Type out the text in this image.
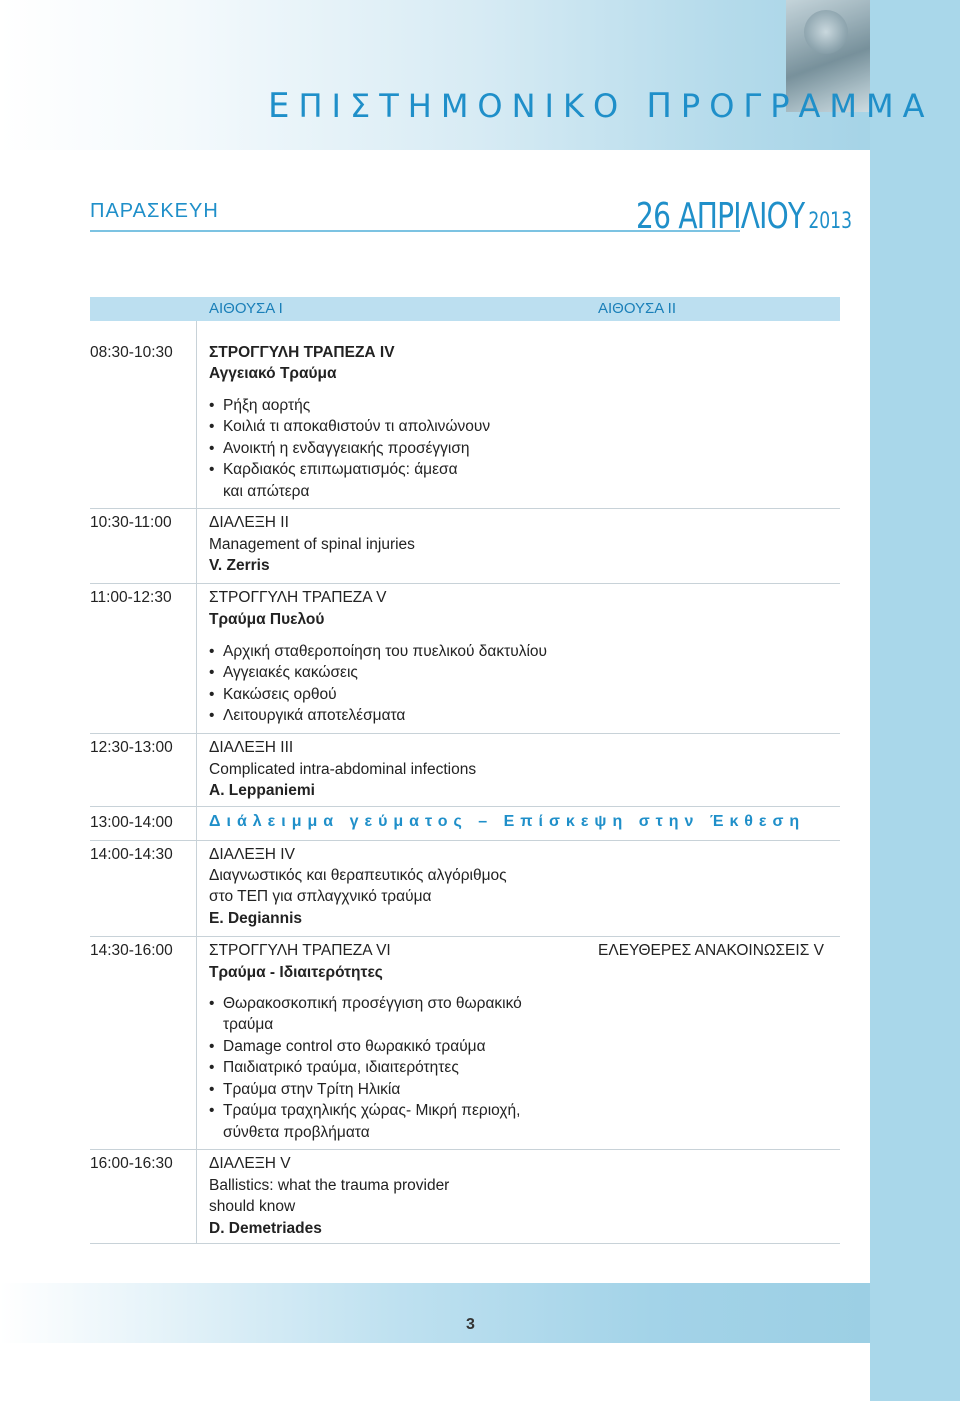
ΕΠΙΣΤΗΜΟΝΙΚΟ ΠΡΟΓΡΑΜΜΑ
ΠΑΡΑΣΚΕΥΗ	26 ΑΠΡΙΛΙΟΥ 2013
ΑΙΘΟΥΣΑ Ι	ΑΙΘΟΥΣΑ ΙΙ
08:30-10:30 ΣΤΡΟΓΓΥΛΗ ΤΡΑΠΕΖΑ IV
Αγγειακό Τραύμα
• Ρήξη αορτής
• Κοιλιά τι αποκαθιστούν τι απολινώνουν
• Ανοικτή η ενδαγγειακής προσέγγιση
• Καρδιακός επιπωματισμός: άμεσα
και απώτερα
10:30-11:00 ΔΙΑΛΕΞΗ ΙΙ
Management of spinal injuries
V. Zerris
11:00-12:30 ΣΤΡΟΓΓΥΛΗ ΤΡΑΠΕΖΑ V
Τραύμα Πυελού
• Αρχική σταθεροποίηση του πυελικού δακτυλίου
• Αγγειακές κακώσεις
• Κακώσεις ορθού
• Λειτουργικά αποτελέσματα
12:30-13:00 ΔΙΑΛΕΞΗ ΙΙΙ
Complicated intra-abdominal infections
A. Leppaniemi
13:00-14:00 Διάλειμμα γεύματος – Επίσκεψη στην Έκθεση
14:00-14:30 ΔΙΑΛΕΞΗ IV
Διαγνωστικός και θεραπευτικός αλγόριθμος
στο ΤΕΠ για σπλαγχνικό τραύμα
E. Degiannis
14:30-16:00 ΣΤΡΟΓΓΥΛΗ ΤΡΑΠΕΖΑ VI
Τραύμα - Ιδιαιτερότητες
ΕΛΕΥΘΕΡΕΣ ΑΝΑΚΟΙΝΩΣΕΙΣ V
• Θωρακοσκοπική προσέγγιση στο θωρακικό
τραύμα
• Damage control στο θωρακικό τραύμα
• Παιδιατρικό τραύμα, ιδιαιτερότητες
• Τραύμα στην Τρίτη Ηλικία
• Τραύμα τραχηλικής χώρας- Μικρή περιοχή,
σύνθετα προβλήματα
16:00-16:30 ΔΙΑΛΕΞΗ V
Ballistics: what the trauma provider
should know
D. Demetriades
3
